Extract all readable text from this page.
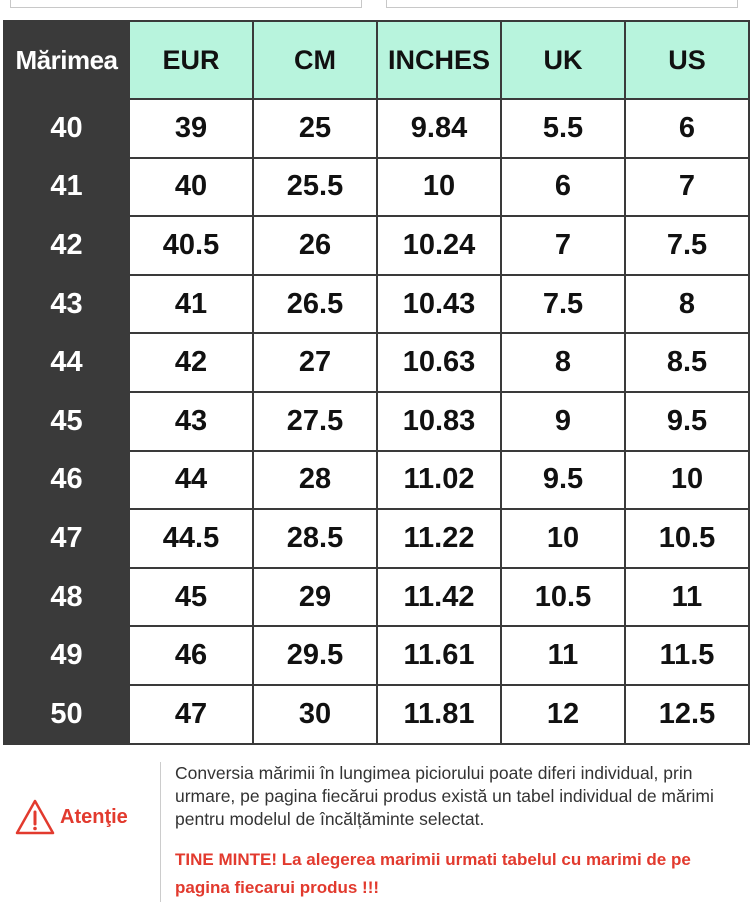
Mărimea	EUR	CM	INCHES	UK	US
40	39	25	9.84	5.5	6
41	40	25.5	10	6	7
42	40.5	26	10.24	7	7.5
43	41	26.5	10.43	7.5	8
44	42	27	10.63	8	8.5
45	43	27.5	10.83	9	9.5
46	44	28	11.02	9.5	10
47	44.5	28.5	11.22	10	10.5
48	45	29	11.42	10.5	11
49	46	29.5	11.61	11	11.5
50	47	30	11.81	12	12.5
Atenţie
Conversia mărimii în lungimea piciorului poate diferi individual, prin urmare, pe pagina fiecărui produs există un tabel individual de mărimi pentru modelul de încălțăminte selectat.
TINE MINTE! La alegerea marimii urmati tabelul cu marimi de pe pagina fiecarui produs !!!
